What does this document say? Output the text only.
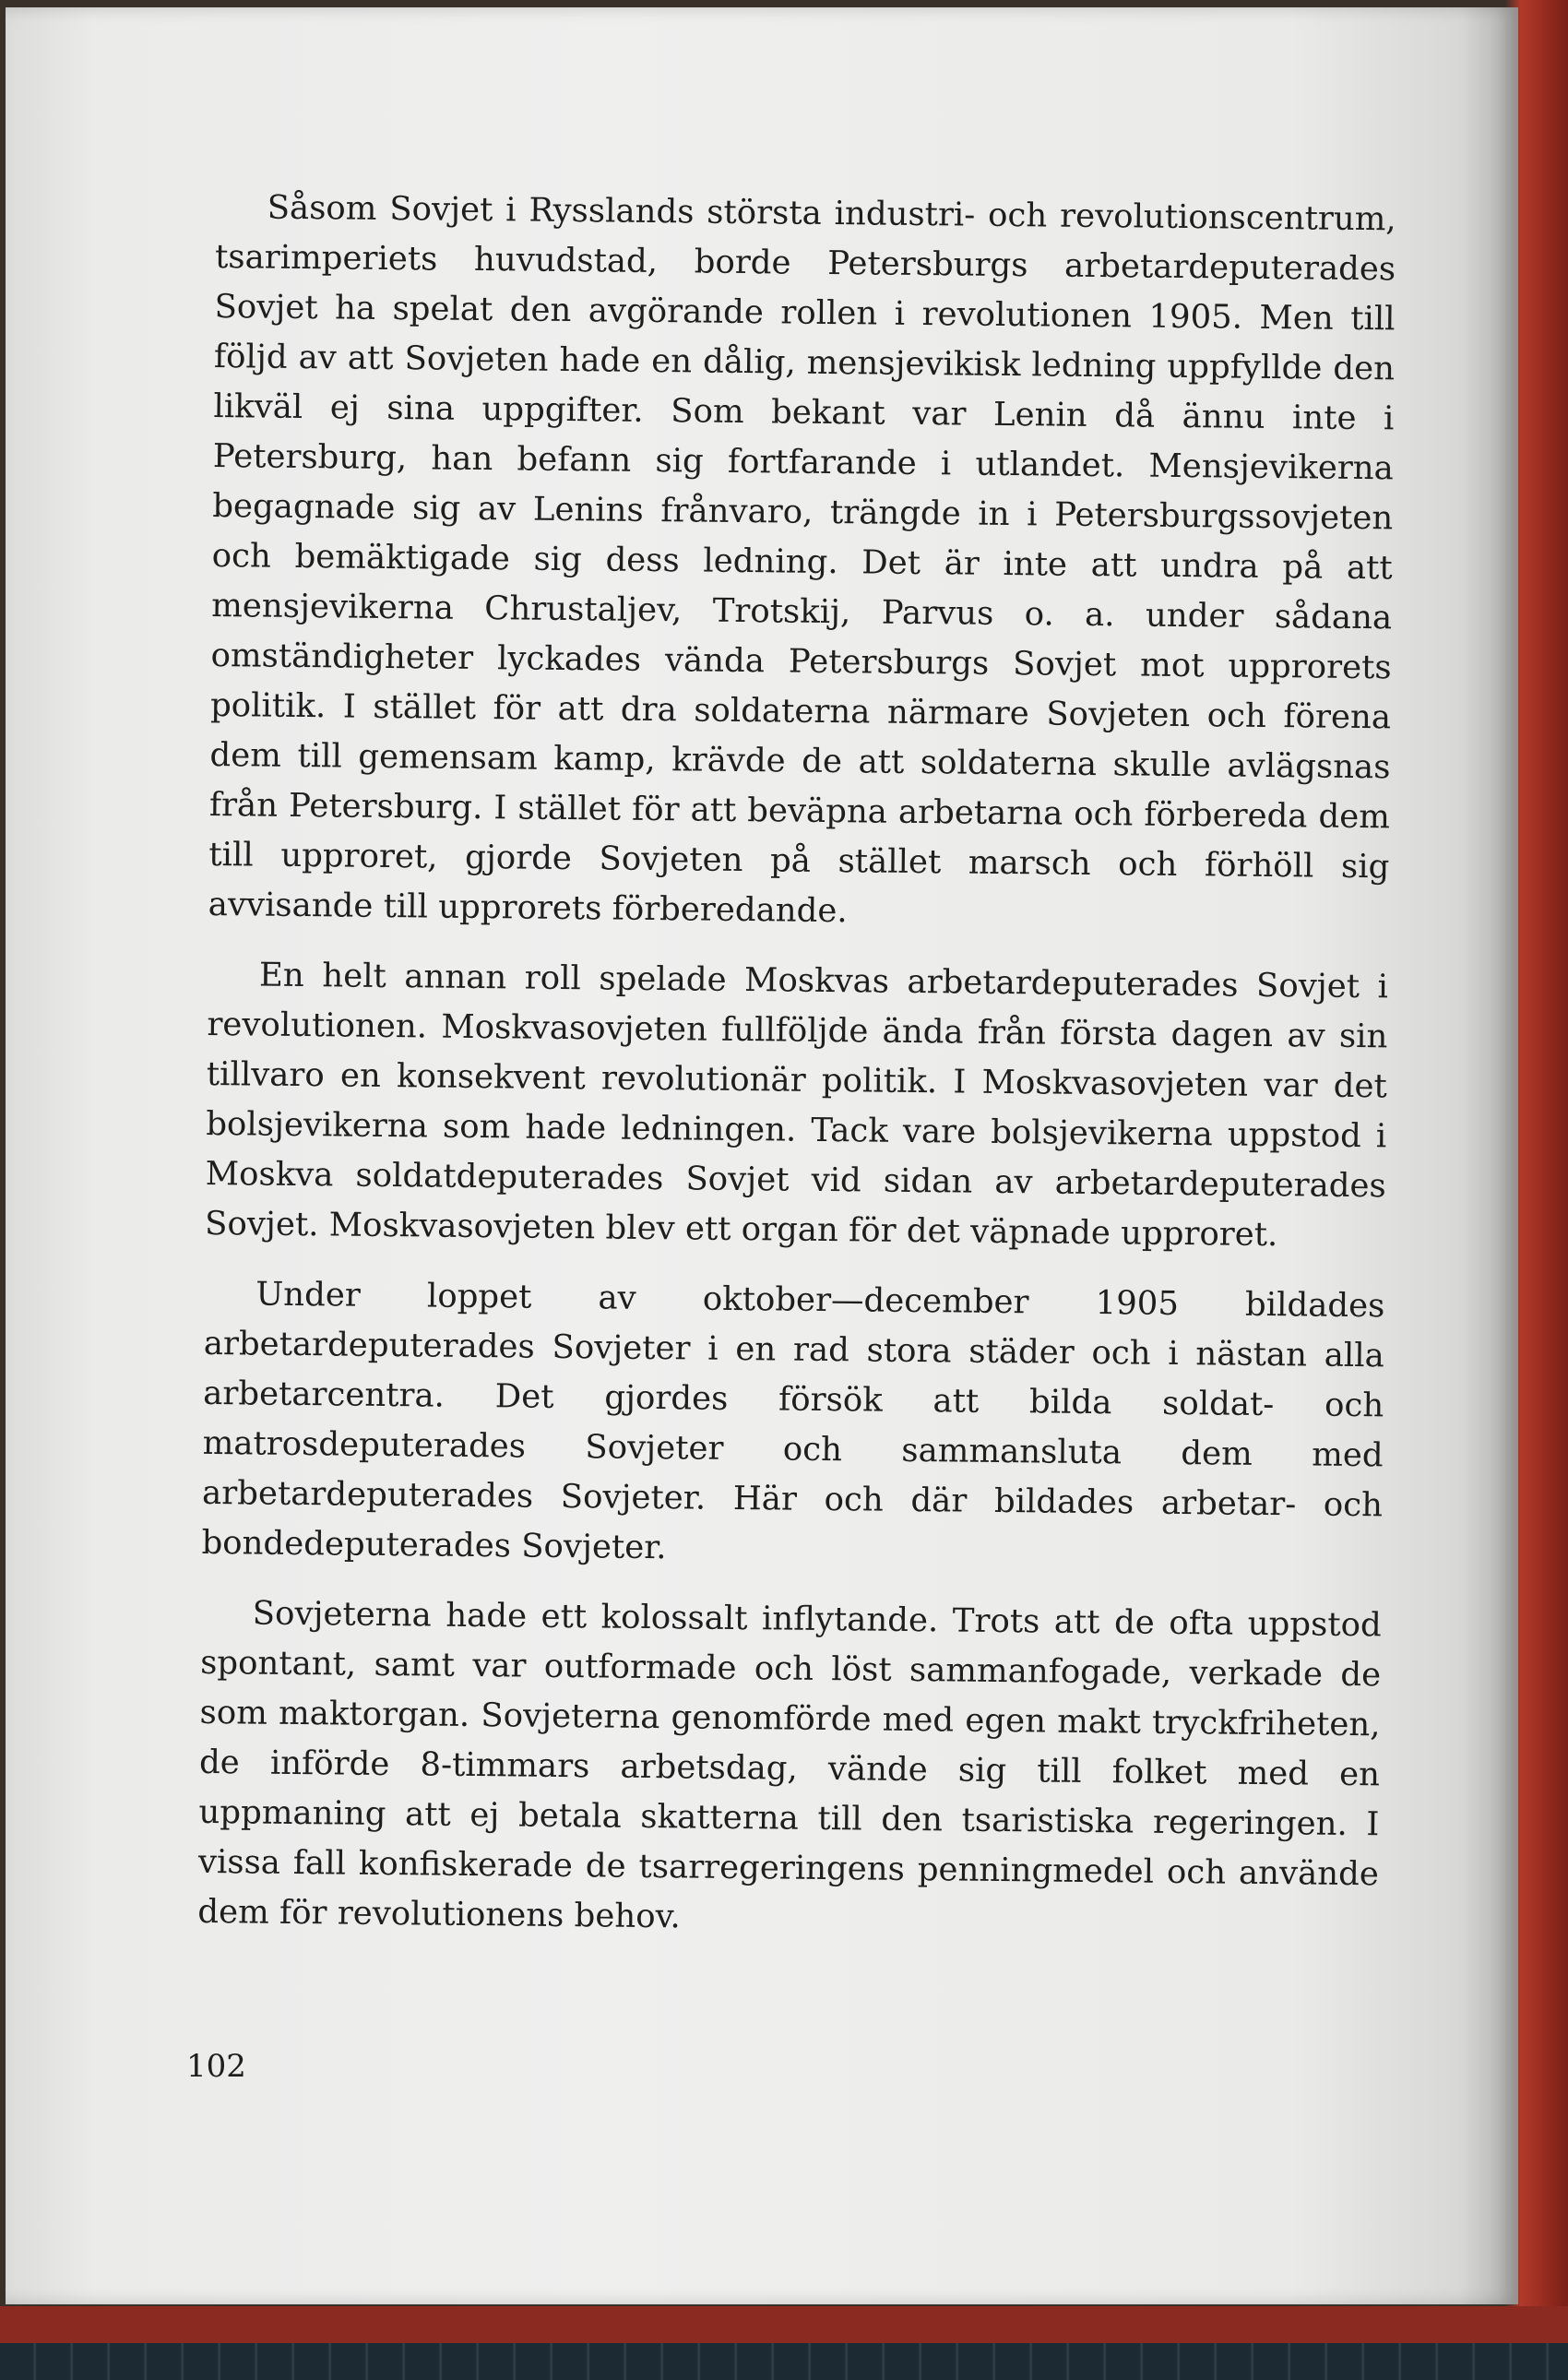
Såsom Sovjet i Rysslands största industri- och revolutionscentrum, tsarimperiets huvudstad, borde Petersburgs arbetardeputerades Sovjet ha spelat den avgörande rollen i revolutionen 1905. Men till följd av att Sovjeten hade en dålig, mensjevikisk ledning uppfyllde den likväl ej sina uppgifter. Som bekant var Lenin då ännu inte i Petersburg, han befann sig fortfarande i utlandet. Mensjevikerna begagnade sig av Lenins frånvaro, trängde in i Petersburgssovjeten och bemäktigade sig dess ledning. Det är inte att undra på att mensjevikerna Chrustaljev, Trotskij, Parvus o. a. under sådana omständigheter lyckades vända Petersburgs Sovjet mot upprorets politik. I stället för att dra soldaterna närmare Sovjeten och förena dem till gemensam kamp, krävde de att soldaterna skulle avlägsnas från Petersburg. I stället för att beväpna arbetarna och förbereda dem till upproret, gjorde Sovjeten på stället marsch och förhöll sig avvisande till upprorets förberedande.

En helt annan roll spelade Moskvas arbetardeputerades Sovjet i revolutionen. Moskvasovjeten fullföljde ända från första dagen av sin tillvaro en konsekvent revolutionär politik. I Moskvasovjeten var det bolsjevikerna som hade ledningen. Tack vare bolsjevikerna uppstod i Moskva soldatdeputerades Sovjet vid sidan av arbetardeputerades Sovjet. Moskvasovjeten blev ett organ för det väpnade upproret.

Under loppet av oktober—december 1905 bildades arbetardeputerades Sovjeter i en rad stora städer och i nästan alla arbetarcentra. Det gjordes försök att bilda soldat- och matrosdeputerades Sovjeter och sammansluta dem med arbetardeputerades Sovjeter. Här och där bildades arbetar- och bondedeputerades Sovjeter.

Sovjeterna hade ett kolossalt inflytande. Trots att de ofta uppstod spontant, samt var outformade och löst sammanfogade, verkade de som maktorgan. Sovjeterna genomförde med egen makt tryckfriheten, de införde 8-timmars arbetsdag, vände sig till folket med en uppmaning att ej betala skatterna till den tsaristiska regeringen. I vissa fall konfiskerade de tsarregeringens penningmedel och använde dem för revolutionens behov.

102
